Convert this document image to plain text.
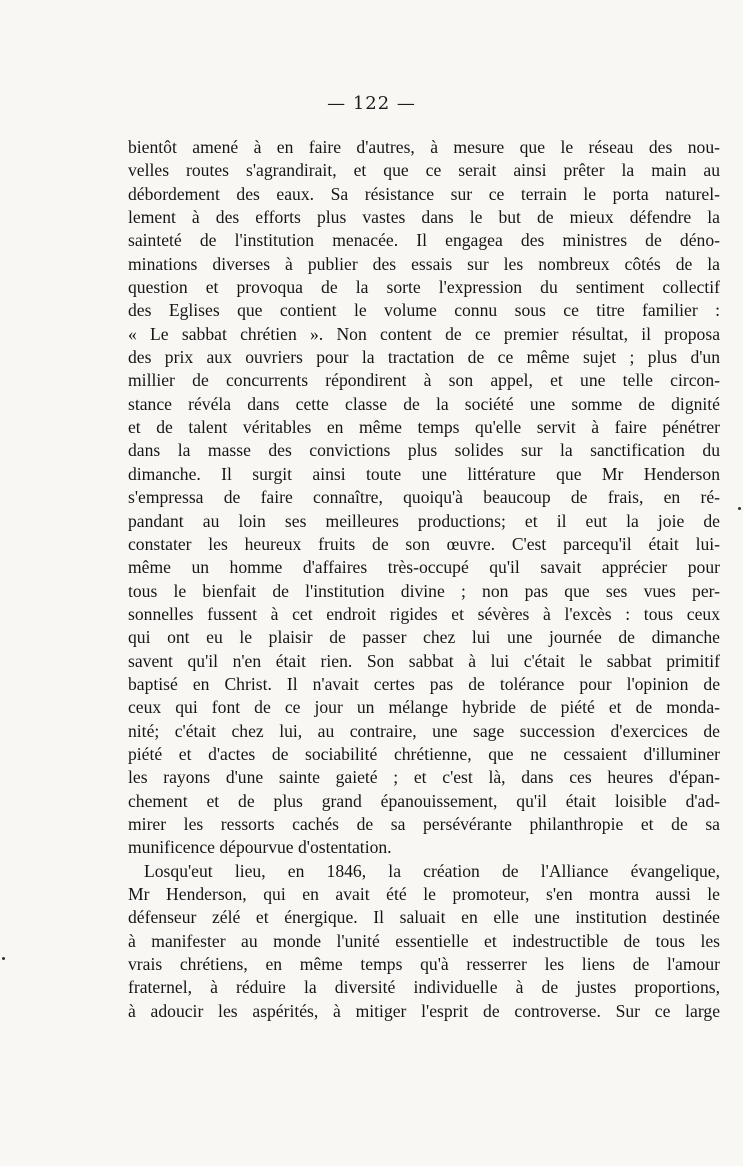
— 122 —
bientôt amené à en faire d'autres, à mesure que le réseau des nou-
velles routes s'agrandirait, et que ce serait ainsi prêter la main au
débordement des eaux. Sa résistance sur ce terrain le porta naturel-
lement à des efforts plus vastes dans le but de mieux défendre la
sainteté de l'institution menacée. Il engagea des ministres de déno-
minations diverses à publier des essais sur les nombreux côtés de la
question et provoqua de la sorte l'expression du sentiment collectif
des Eglises que contient le volume connu sous ce titre familier :
« Le sabbat chrétien ». Non content de ce premier résultat, il proposa
des prix aux ouvriers pour la tractation de ce même sujet ; plus d'un
millier de concurrents répondirent à son appel, et une telle circon-
stance révéla dans cette classe de la société une somme de dignité
et de talent véritables en même temps qu'elle servit à faire pénétrer
dans la masse des convictions plus solides sur la sanctification du
dimanche. Il surgit ainsi toute une littérature que Mr Henderson
s'empressa de faire connaître, quoiqu'à beaucoup de frais, en ré-
pandant au loin ses meilleures productions; et il eut la joie de
constater les heureux fruits de son œuvre. C'est parcequ'il était lui-
même un homme d'affaires très-occupé qu'il savait apprécier pour
tous le bienfait de l'institution divine ; non pas que ses vues per-
sonnelles fussent à cet endroit rigides et sévères à l'excès : tous ceux
qui ont eu le plaisir de passer chez lui une journée de dimanche
savent qu'il n'en était rien. Son sabbat à lui c'était le sabbat primitif
baptisé en Christ. Il n'avait certes pas de tolérance pour l'opinion de
ceux qui font de ce jour un mélange hybride de piété et de monda-
nité; c'était chez lui, au contraire, une sage succession d'exercices de
piété et d'actes de sociabilité chrétienne, que ne cessaient d'illuminer
les rayons d'une sainte gaieté ; et c'est là, dans ces heures d'épan-
chement et de plus grand épanouissement, qu'il était loisible d'ad-
mirer les ressorts cachés de sa persévérante philanthropie et de sa
munificence dépourvue d'ostentation.
Losqu'eut lieu, en 1846, la création de l'Alliance évangelique,
Mr Henderson, qui en avait été le promoteur, s'en montra aussi le
défenseur zélé et énergique. Il saluait en elle une institution destinée
à manifester au monde l'unité essentielle et indestructible de tous les
vrais chrétiens, en même temps qu'à resserrer les liens de l'amour
fraternel, à réduire la diversité individuelle à de justes proportions,
à adoucir les aspérités, à mitiger l'esprit de controverse. Sur ce large
